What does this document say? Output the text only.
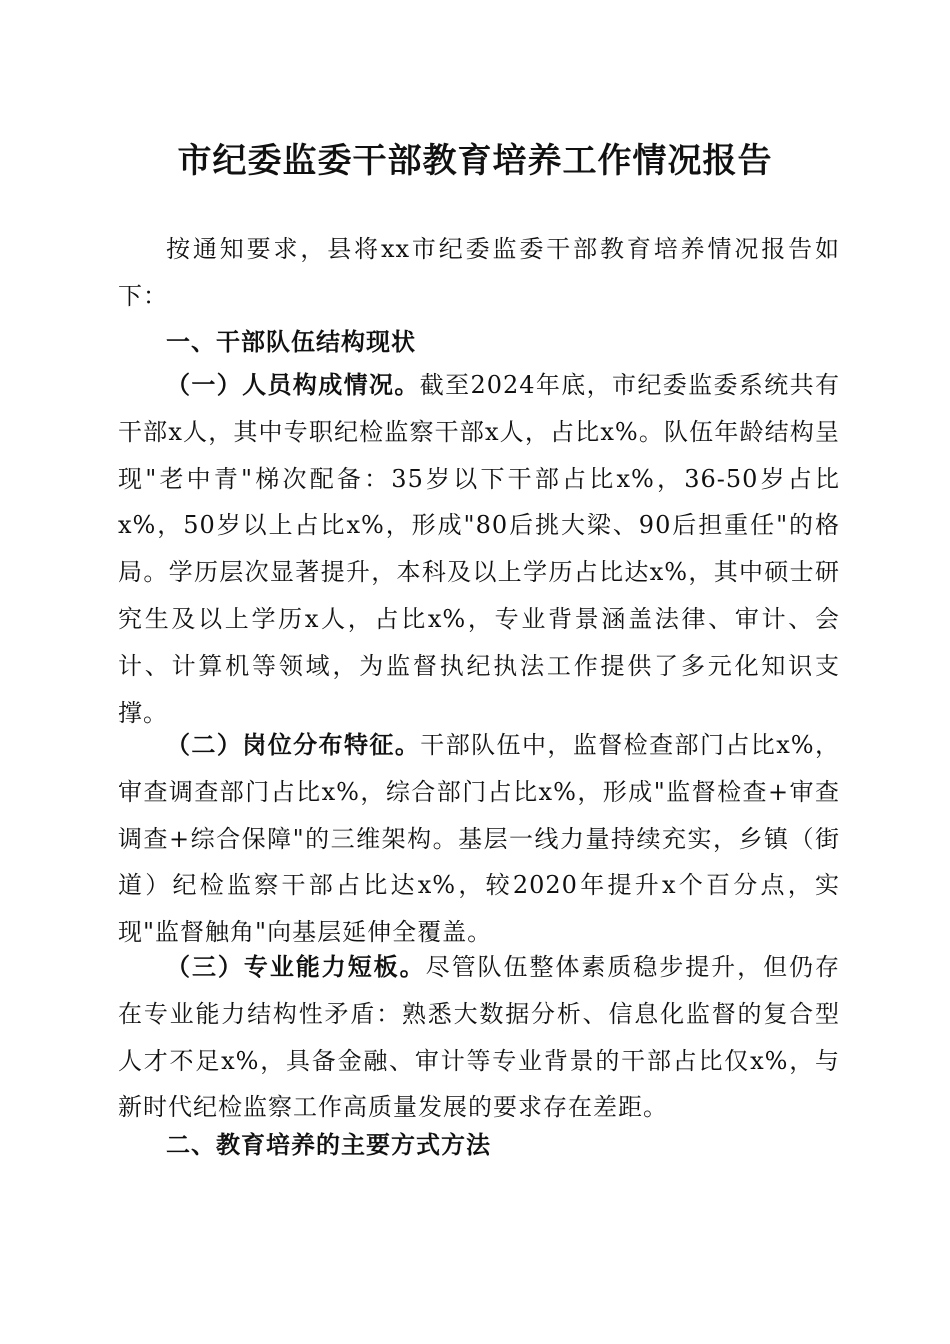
市纪委监委干部教育培养工作情况报告

按通知要求，县将xx市纪委监委干部教育培养情况报告如下：

一、干部队伍结构现状

（一）人员构成情况。截至2024年底，市纪委监委系统共有干部x人，其中专职纪检监察干部x人，占比x%。队伍年龄结构呈现"老中青"梯次配备：35岁以下干部占比x%，36-50岁占比x%，50岁以上占比x%，形成"80后挑大梁、90后担重任"的格局。学历层次显著提升，本科及以上学历占比达x%，其中硕士研究生及以上学历x人，占比x%，专业背景涵盖法律、审计、会计、计算机等领域，为监督执纪执法工作提供了多元化知识支撑。

（二）岗位分布特征。干部队伍中，监督检查部门占比x%，审查调查部门占比x%，综合部门占比x%，形成"监督检查+审查调查+综合保障"的三维架构。基层一线力量持续充实，乡镇（街道）纪检监察干部占比达x%，较2020年提升x个百分点，实现"监督触角"向基层延伸全覆盖。

（三）专业能力短板。尽管队伍整体素质稳步提升，但仍存在专业能力结构性矛盾：熟悉大数据分析、信息化监督的复合型人才不足x%，具备金融、审计等专业背景的干部占比仅x%，与新时代纪检监察工作高质量发展的要求存在差距。

二、教育培养的主要方式方法
